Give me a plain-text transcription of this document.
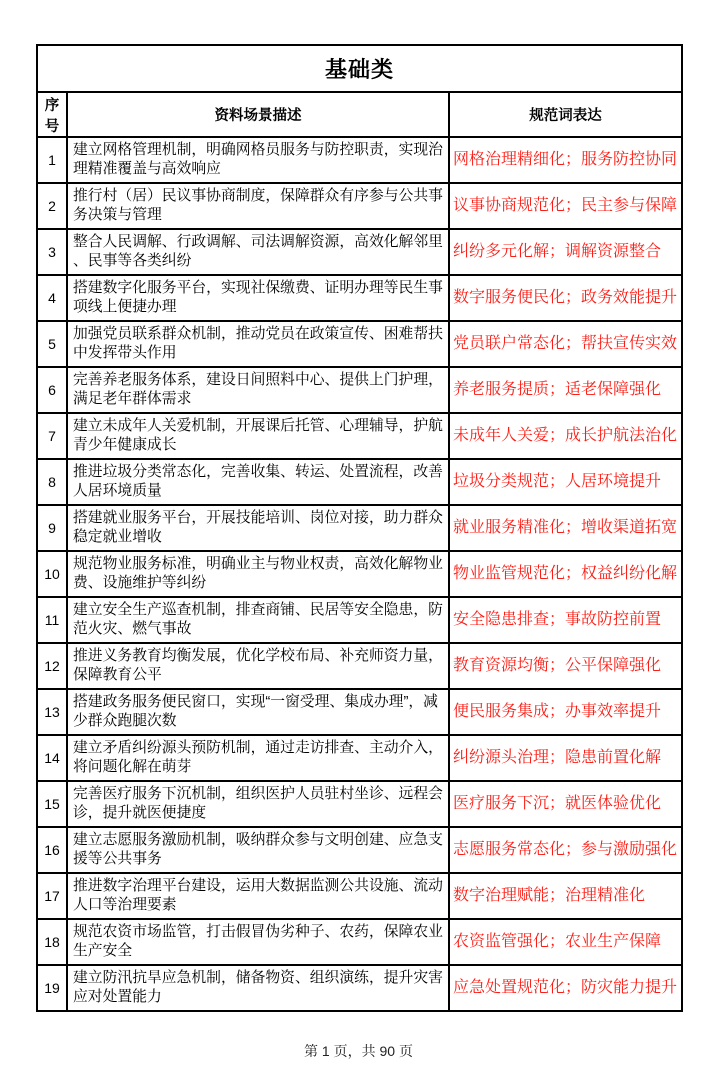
基础类		
序号	资料场景描述	规范词表达
1	建立网格管理机制，明确网格员服务与防控职责，实现治理精准覆盖与高效响应	网格治理精细化；服务防控协同
2	推行村（居）民议事协商制度，保障群众有序参与公共事务决策与管理	议事协商规范化；民主参与保障
3	整合人民调解、行政调解、司法调解资源，高效化解邻里、民事等各类纠纷	纠纷多元化解；调解资源整合
4	搭建数字化服务平台，实现社保缴费、证明办理等民生事项线上便捷办理	数字服务便民化；政务效能提升
5	加强党员联系群众机制，推动党员在政策宣传、困难帮扶中发挥带头作用	党员联户常态化；帮扶宣传实效
6	完善养老服务体系，建设日间照料中心、提供上门护理，满足老年群体需求	养老服务提质；适老保障强化
7	建立未成年人关爱机制，开展课后托管、心理辅导，护航青少年健康成长	未成年人关爱；成长护航法治化
8	推进垃圾分类常态化，完善收集、转运、处置流程，改善人居环境质量	垃圾分类规范；人居环境提升
9	搭建就业服务平台，开展技能培训、岗位对接，助力群众稳定就业增收	就业服务精准化；增收渠道拓宽
10	规范物业服务标准，明确业主与物业权责，高效化解物业费、设施维护等纠纷	物业监管规范化；权益纠纷化解
11	建立安全生产巡查机制，排查商铺、民居等安全隐患，防范火灾、燃气事故	安全隐患排查；事故防控前置
12	推进义务教育均衡发展，优化学校布局、补充师资力量，保障教育公平	教育资源均衡；公平保障强化
13	搭建政务服务便民窗口，实现“一窗受理、集成办理”，减少群众跑腿次数	便民服务集成；办事效率提升
14	建立矛盾纠纷源头预防机制，通过走访排查、主动介入，将问题化解在萌芽	纠纷源头治理；隐患前置化解
15	完善医疗服务下沉机制，组织医护人员驻村坐诊、远程会诊，提升就医便捷度	医疗服务下沉；就医体验优化
16	建立志愿服务激励机制，吸纳群众参与文明创建、应急支援等公共事务	志愿服务常态化；参与激励强化
17	推进数字治理平台建设，运用大数据监测公共设施、流动人口等治理要素	数字治理赋能；治理精准化
18	规范农资市场监管，打击假冒伪劣种子、农药，保障农业生产安全	农资监管强化；农业生产保障
19	建立防汛抗旱应急机制，储备物资、组织演练，提升灾害应对处置能力	应急处置规范化；防灾能力提升
第 1 页，共 90 页
